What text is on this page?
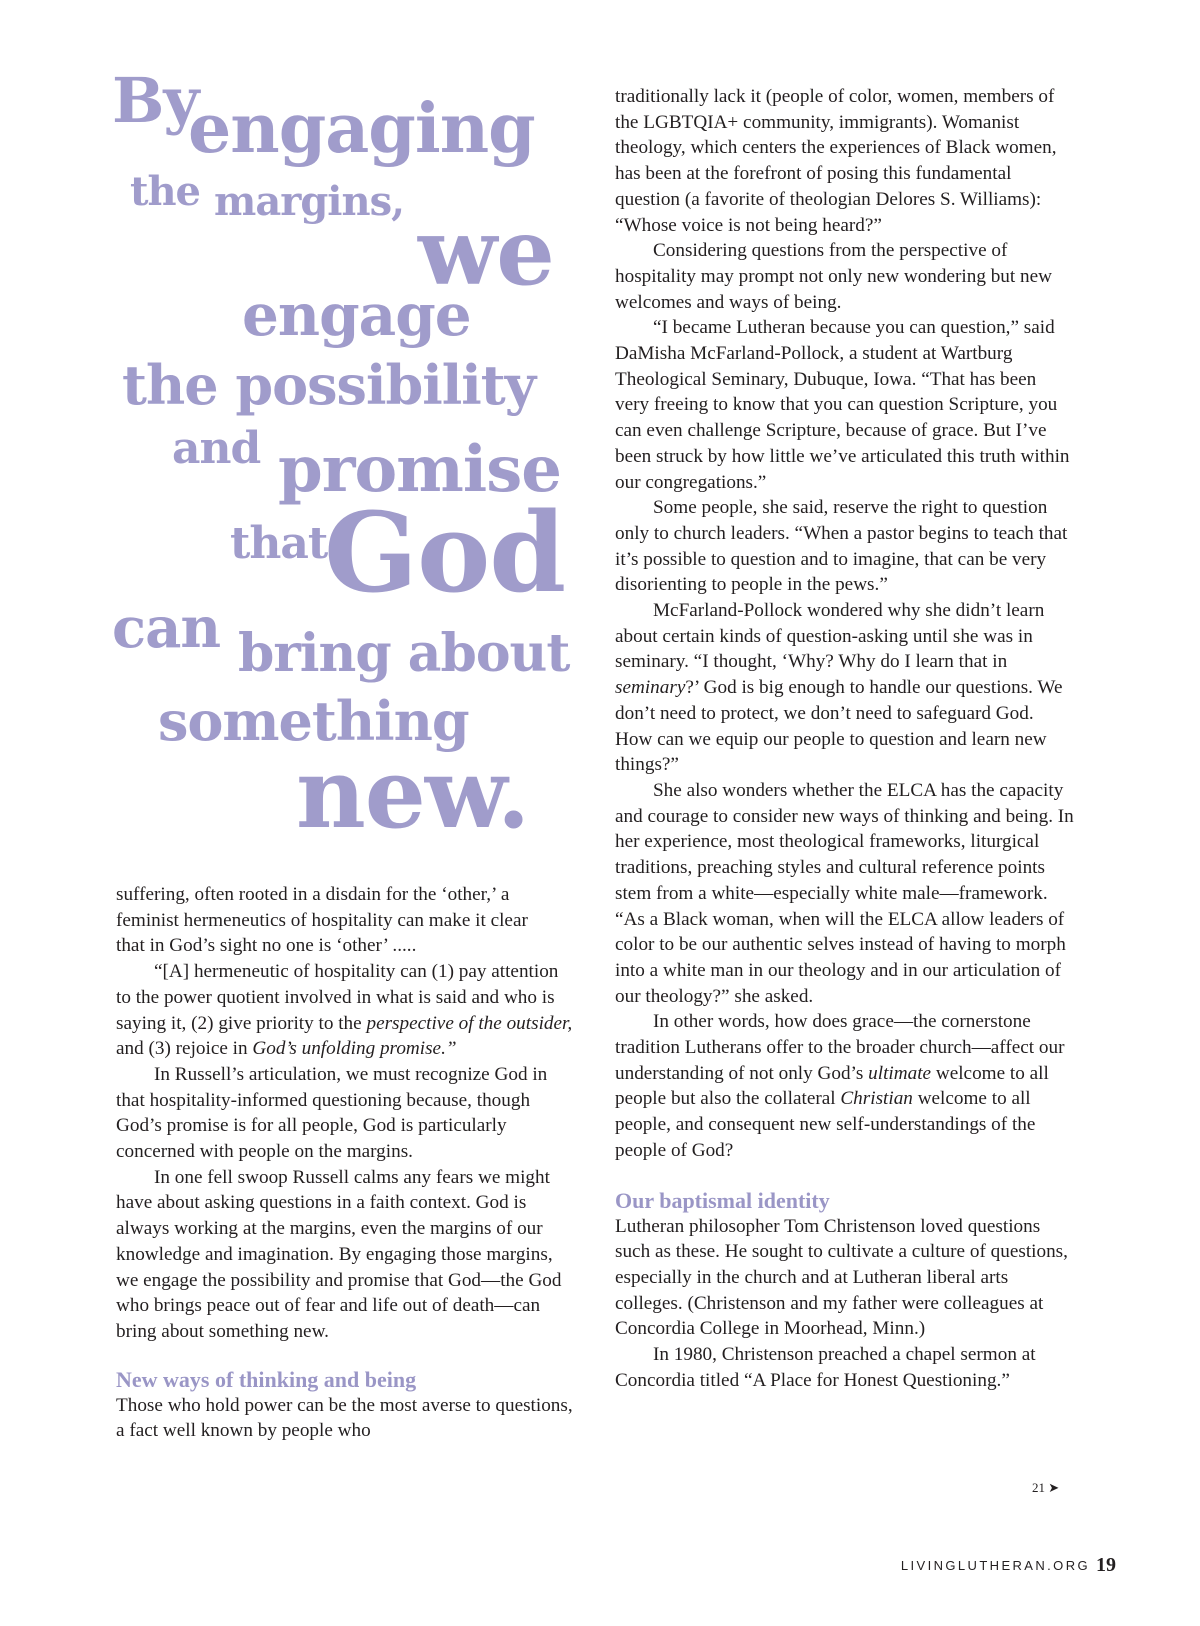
By
engaging
the margins, we
engage
the possibility
and promise
that
God
can bring about
something
new.

suffering, often rooted in a disdain for the ‘other,’ a
feminist hermeneutics of hospitality can make it clear
that in God’s sight no one is ‘other’ .....

“[A] hermeneutic of hospitality can (1) pay attention to the power quotient involved in what is said and who is saying it, (2) give priority to the perspective of the outsider, and (3) rejoice in God’s unfolding promise.”

In Russell’s articulation, we must recognize God in that hospitality-informed questioning because, though God’s promise is for all people, God is particularly concerned with people on the margins.

In one fell swoop Russell calms any fears we might have about asking questions in a faith context. God is always working at the margins, even the margins of our knowledge and imagination. By engaging those margins, we engage the possibility and promise that God—the God who brings peace out of fear and life out of death—can bring about something new.

New ways of thinking and being

Those who hold power can be the most averse to questions, a fact well known by people who

traditionally lack it (people of color, women, members of the LGBTQIA+ community, immigrants). Womanist theology, which centers the experiences of Black women, has been at the forefront of posing this fundamental question (a favorite of theologian Delores S. Williams): “Whose voice is not being heard?”

Considering questions from the perspective of hospitality may prompt not only new wondering but new welcomes and ways of being.

“I became Lutheran because you can question,” said DaMisha McFarland-Pollock, a student at Wartburg Theological Seminary, Dubuque, Iowa. “That has been very freeing to know that you can question Scripture, you can even challenge Scripture, because of grace. But I’ve been struck by how little we’ve articulated this truth within our congregations.”

Some people, she said, reserve the right to question only to church leaders. “When a pastor begins to teach that it’s possible to question and to imagine, that can be very disorienting to people in the pews.”

McFarland-Pollock wondered why she didn’t learn about certain kinds of question-asking until she was in seminary. “I thought, ‘Why? Why do I learn that in seminary?’ God is big enough to handle our questions. We don’t need to protect, we don’t need to safeguard God. How can we equip our people to question and learn new things?”

She also wonders whether the ELCA has the capacity and courage to consider new ways of thinking and being. In her experience, most theological frameworks, liturgical traditions, preaching styles and cultural reference points stem from a white—especially white male—framework. “As a Black woman, when will the ELCA allow leaders of color to be our authentic selves instead of having to morph into a white man in our theology and in our articulation of our theology?” she asked.

In other words, how does grace—the cornerstone tradition Lutherans offer to the broader church—affect our understanding of not only God’s ultimate welcome to all people but also the collateral Christian welcome to all people, and consequent new self-understandings of the people of God?

Our baptismal identity

Lutheran philosopher Tom Christenson loved questions such as these. He sought to cultivate a culture of questions, especially in the church and at Lutheran liberal arts colleges. (Christenson and my father were colleagues at Concordia College in Moorhead, Minn.)

In 1980, Christenson preached a chapel sermon at Concordia titled “A Place for Honest Questioning.”

21 ➤
LIVINGLUTHERAN.ORG 19
